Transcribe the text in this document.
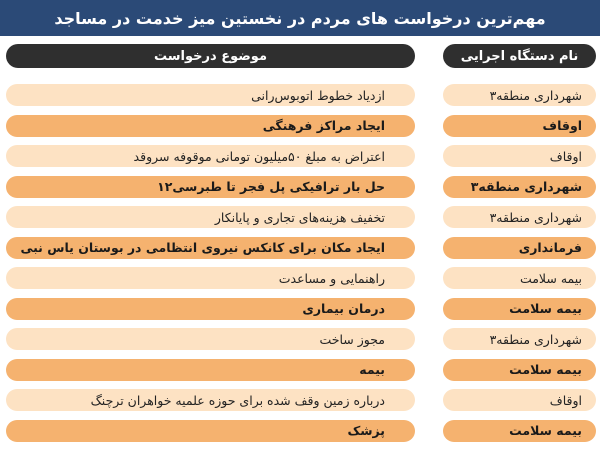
مهم‌ترین درخواست های مردم در نخستین میز خدمت در مساجد
نام دستگاه اجرایی
موضوع درخواست
شهرداری منطقه۳
ازدیاد خطوط اتوبوس‌رانی
اوقاف
ایجاد مراکز فرهنگی
اوقاف
اعتراض به مبلغ ۵۰میلیون تومانی موقوفه سروقد
شهرداری منطقه۳
حل بار ترافیکی پل فجر تا طبرسی۱۲
شهرداری منطقه۳
تخفیف هزینه‌های تجاری و پایانکار
فرمانداری
ایجاد مکان برای کانکس نیروی انتظامی در بوستان یاس نبی
بیمه سلامت
راهنمایی و مساعدت
بیمه سلامت
درمان بیماری
شهرداری منطقه۳
مجوز ساخت
بیمه سلامت
بیمه
اوقاف
درباره زمین وقف شده برای حوزه علمیه خواهران ترچنگ
بیمه سلامت
پزشک
